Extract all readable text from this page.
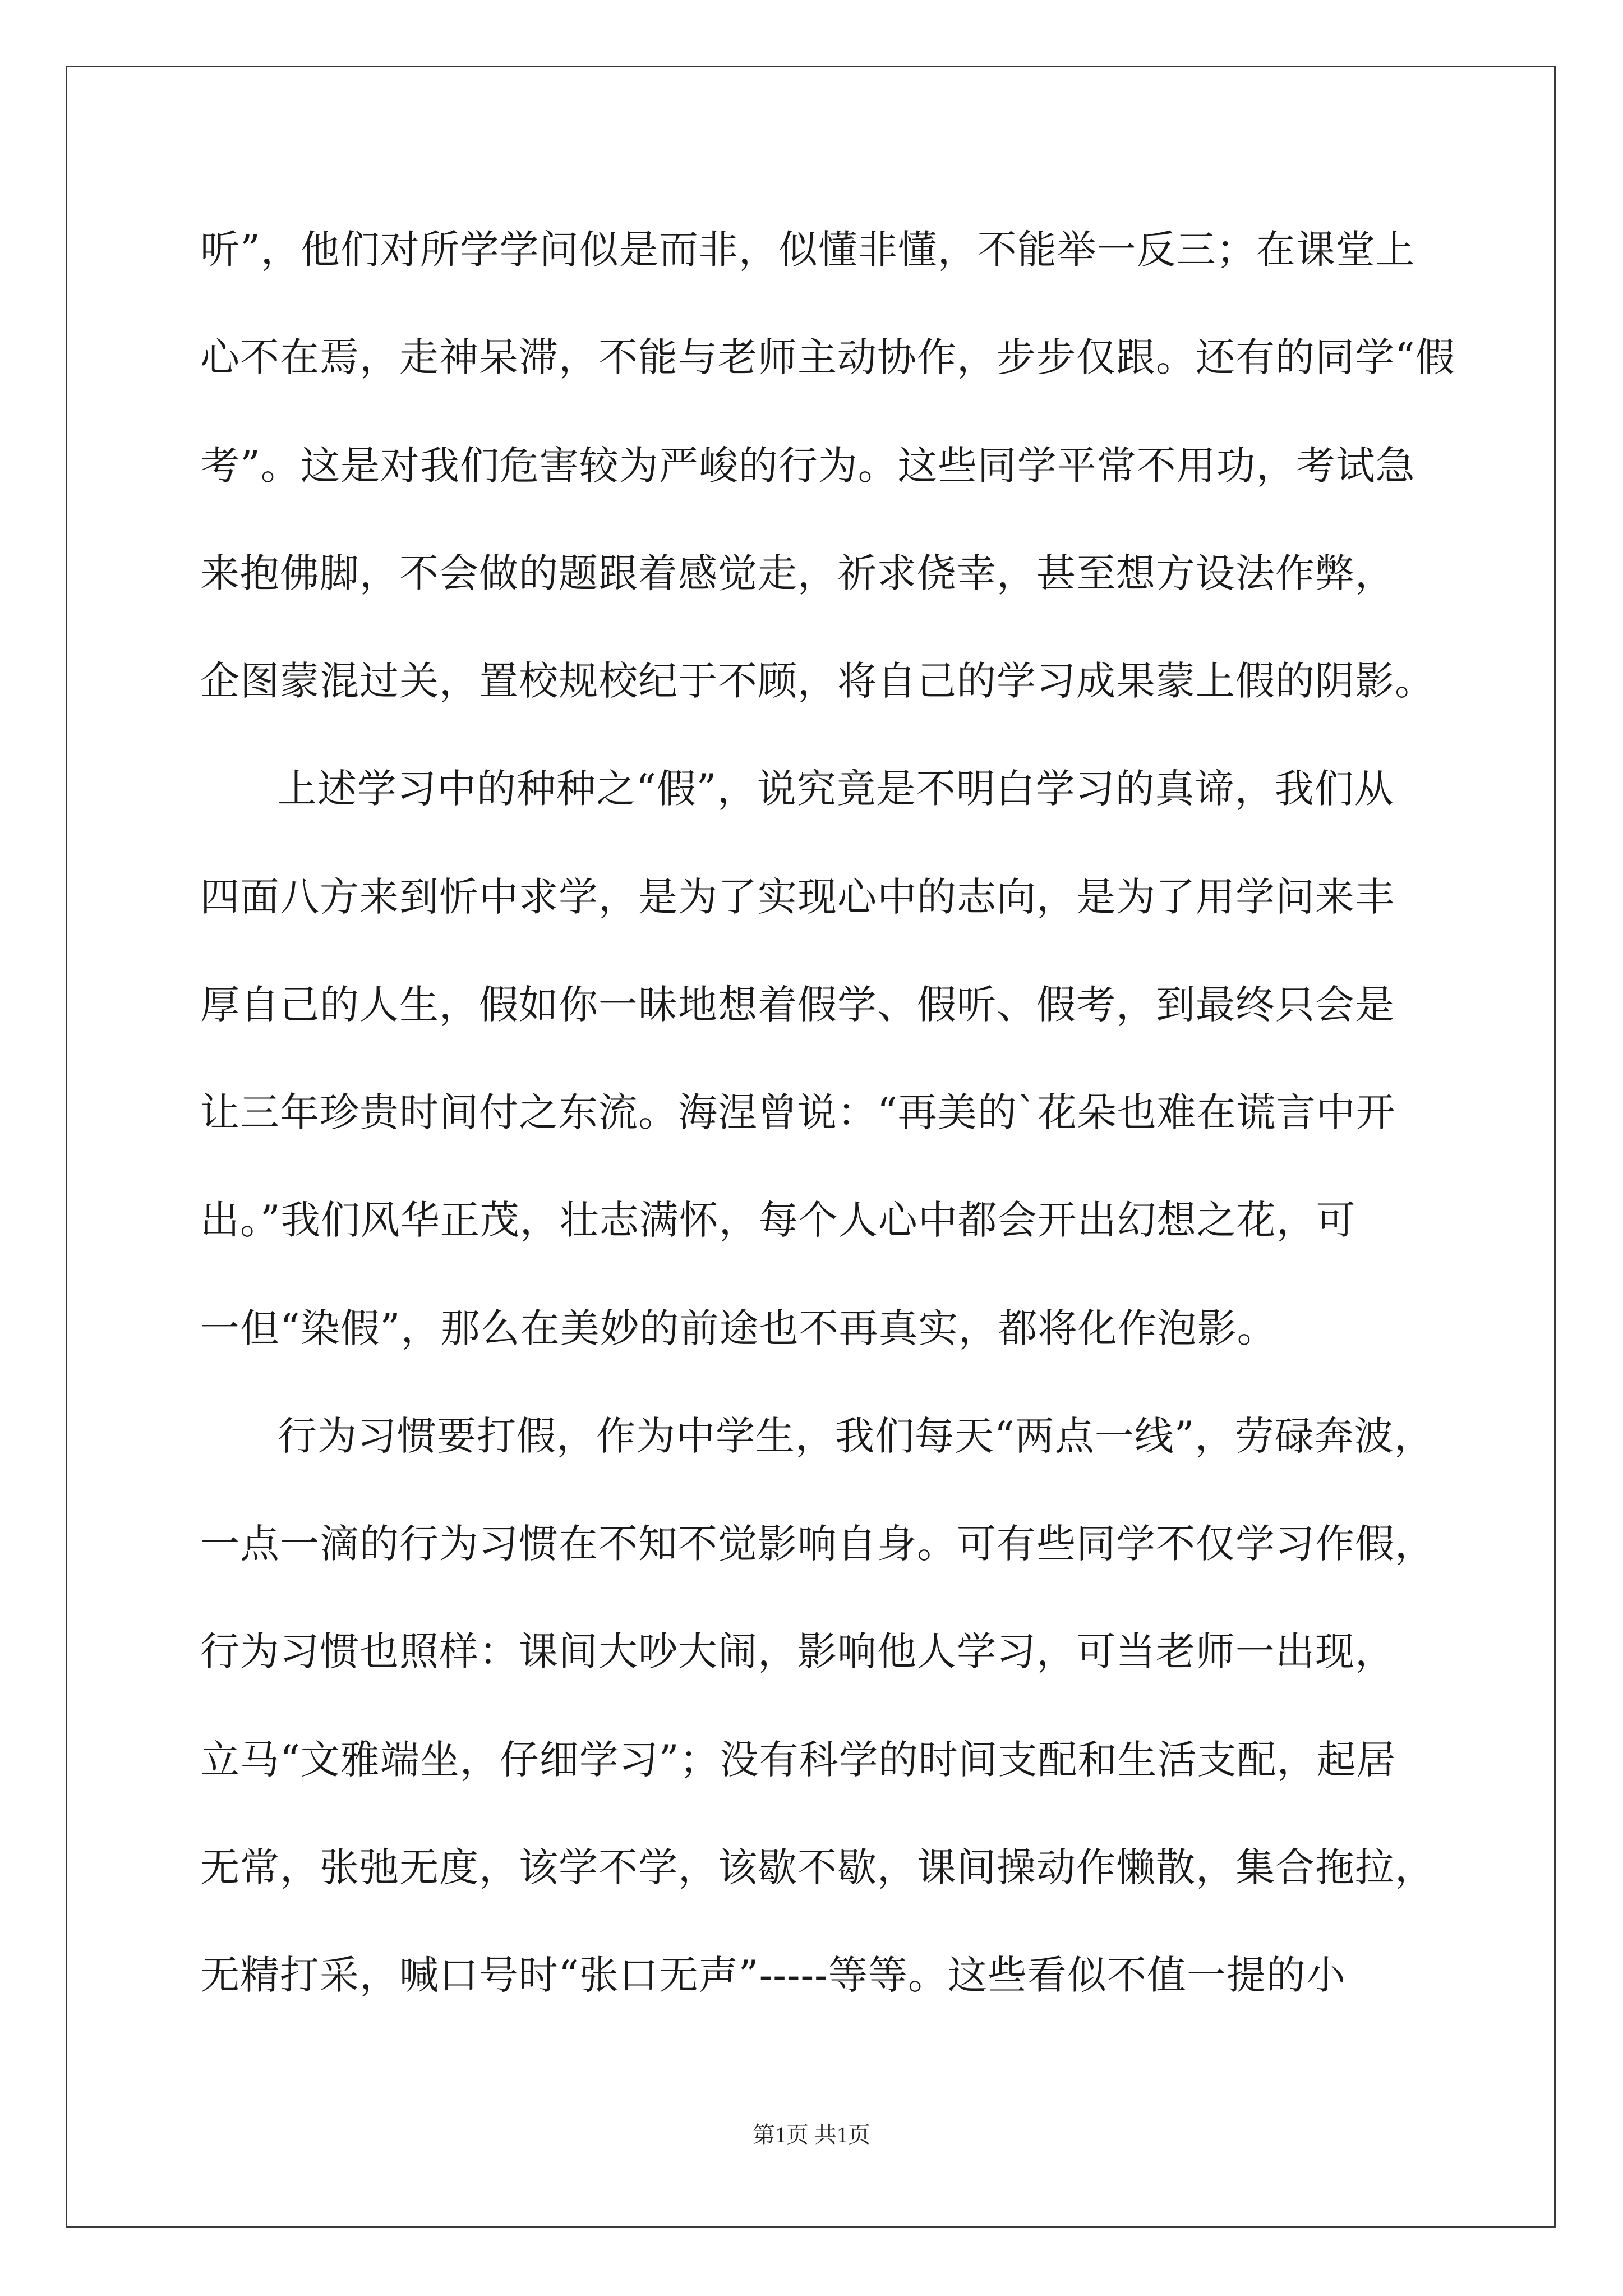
听”，他们对所学学问似是而非，似懂非懂，不能举一反三；在课堂上
心不在焉，走神呆滞，不能与老师主动协作，步步仅跟。还有的同学“假
考”。这是对我们危害较为严峻的行为。这些同学平常不用功，考试急
来抱佛脚，不会做的题跟着感觉走，祈求侥幸，甚至想方设法作弊，
企图蒙混过关，置校规校纪于不顾，将自己的学习成果蒙上假的阴影。
上述学习中的种种之“假”，说究竟是不明白学习的真谛，我们从
四面八方来到忻中求学，是为了实现心中的志向，是为了用学问来丰
厚自己的人生，假如你一昧地想着假学、假听、假考，到最终只会是
让三年珍贵时间付之东流。海涅曾说：“再美的`花朵也难在谎言中开
出。”我们风华正茂，壮志满怀，每个人心中都会开出幻想之花，可
一但“染假”，那么在美妙的前途也不再真实，都将化作泡影。
行为习惯要打假，作为中学生，我们每天“两点一线”，劳碌奔波，
一点一滴的行为习惯在不知不觉影响自身。可有些同学不仅学习作假，
行为习惯也照样：课间大吵大闹，影响他人学习，可当老师一出现，
立马“文雅端坐，仔细学习”；没有科学的时间支配和生活支配，起居
无常，张弛无度，该学不学，该歇不歇，课间操动作懒散，集合拖拉，
无精打采，喊口号时“张口无声”-----等等。这些看似不值一提的小
第1页 共1页
